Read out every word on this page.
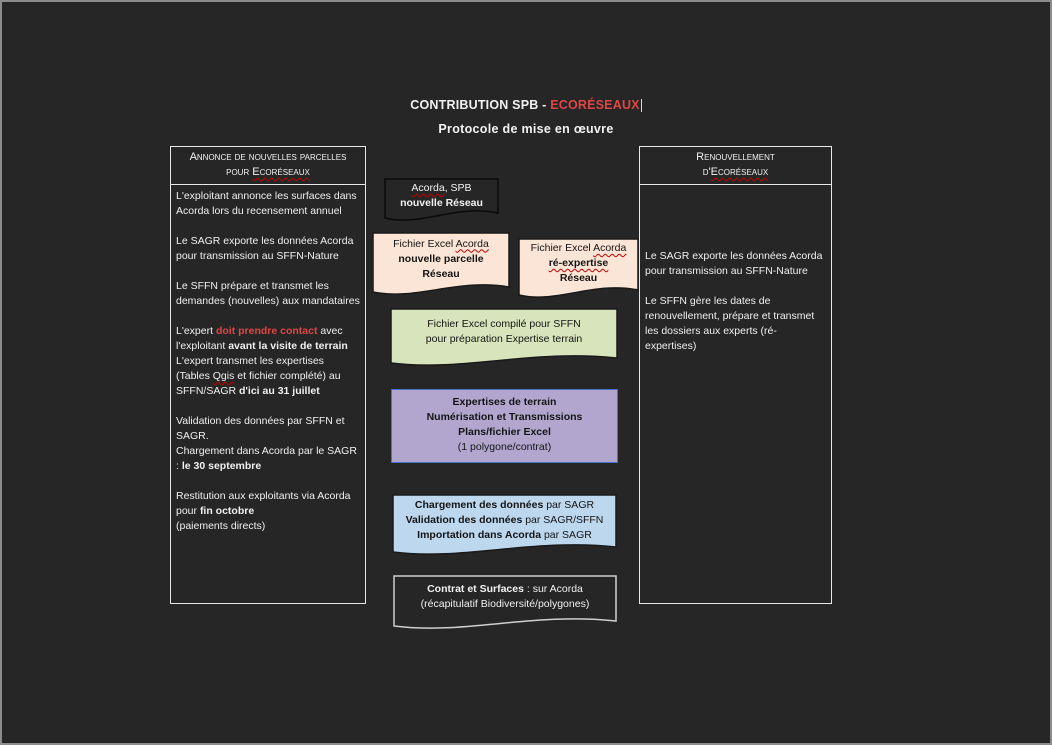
CONTRIBUTION SPB - ECORÉSEAUX
Protocole de mise en œuvre
Annonce de nouvelles parcelles
pour Ecoréseaux
L'exploitant annonce les surfaces dans Acorda lors du recensement annuel

Le SAGR exporte les données Acorda pour transmission au SFFN-Nature

Le SFFN prépare et transmet les demandes (nouvelles) aux mandataires

L'expert doit prendre contact avec l'exploitant avant la visite de terrain
L'expert transmet les expertises (Tables Qgis et fichier complété) au SFFN/SAGR d'ici au 31 juillet

Validation des données par SFFN et SAGR.
Chargement dans Acorda par le SAGR : le 30 septembre

Restitution aux exploitants via Acorda pour fin octobre
(paiements directs)
Renouvellement
d'Ecoréseaux

Le SAGR exporte les données Acorda pour transmission au SFFN-Nature

Le SFFN gère les dates de renouvellement, prépare et transmet les dossiers aux experts (ré-expertises)
Acorda, SPB
nouvelle Réseau
Fichier Excel Acorda
nouvelle parcelle
Réseau
Fichier Excel Acorda
ré-expertise
Réseau
Fichier Excel compilé pour SFFN
pour préparation Expertise terrain
Expertises de terrain
Numérisation et Transmissions
Plans/fichier Excel
(1 polygone/contrat)
Chargement des données par SAGR
Validation des données par SAGR/SFFN
Importation dans Acorda par SAGR
Contrat et Surfaces : sur Acorda
(récapitulatif Biodiversité/polygones)
